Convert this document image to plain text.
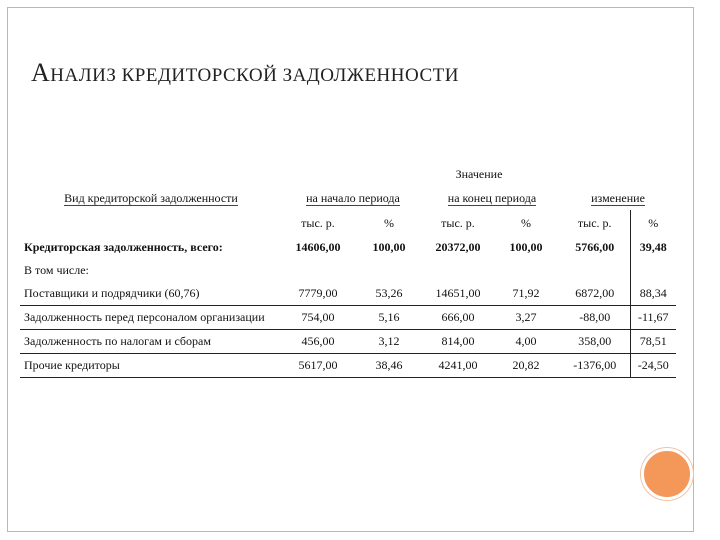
АНАЛИЗ КРЕДИТОРСКОЙ ЗАДОЛЖЕННОСТИ
	Значение					
Вид кредиторской задолженности	на начало периода		на конец периода		изменение	
	тыс. р.	%	тыс. р.	%	тыс. р.	%
Кредиторская задолженность, всего:	14606,00	100,00	20372,00	100,00	5766,00	39,48
В том числе:						
Поставщики и подрядчики (60,76)	7779,00	53,26	14651,00	71,92	6872,00	88,34
Задолженность перед персоналом организации	754,00	5,16	666,00	3,27	-88,00	-11,67
Задолженность по налогам и сборам	456,00	3,12	814,00	4,00	358,00	78,51
Прочие кредиторы	5617,00	38,46	4241,00	20,82	-1376,00	-24,50
